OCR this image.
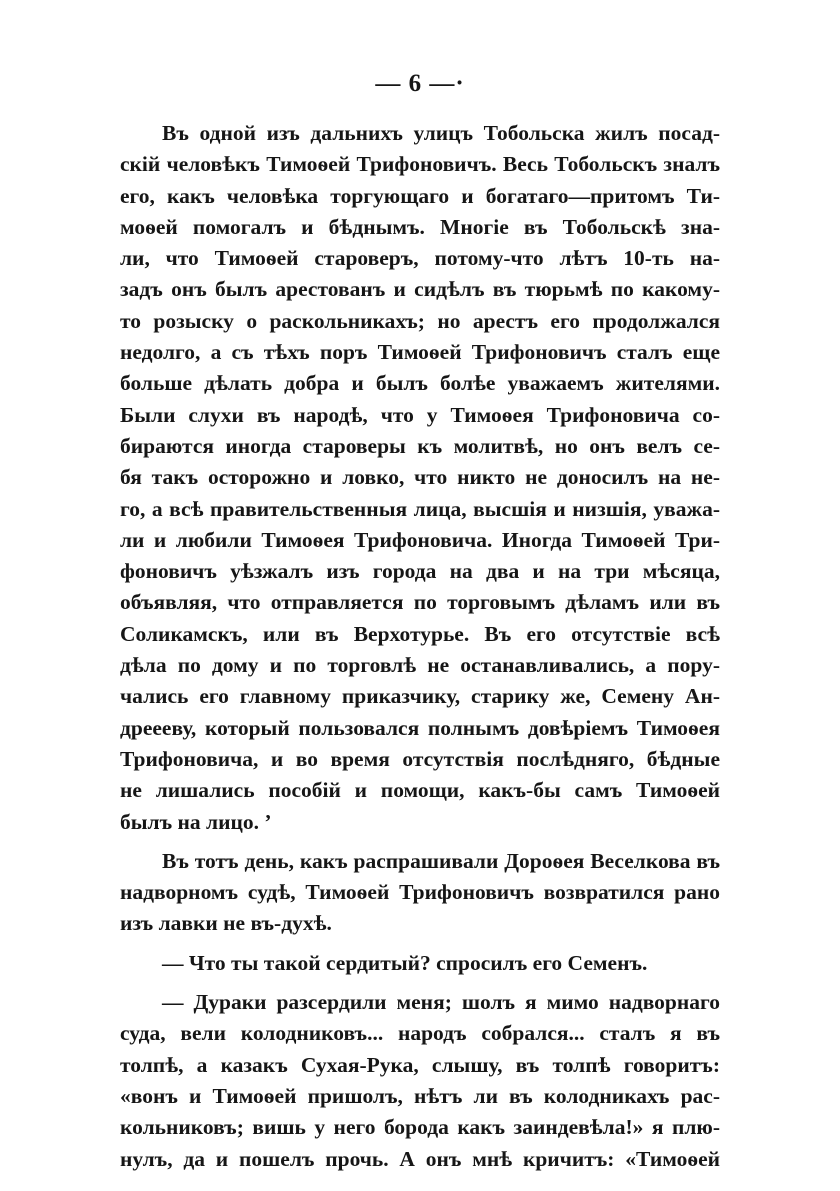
— 6 —·
Въ одной изъ дальнихъ улицъ Тобольска жилъ посад-
скій человѣкъ Тимоѳей Трифоновичъ. Весь Тобольскъ зналъ
его, какъ человѣка торгующаго и богатаго—притомъ Ти-
моѳей помогалъ и бѣднымъ. Многіе въ Тобольскѣ зна-
ли, что Тимоѳей староверъ, потому-что лѣтъ 10-ть на-
задъ онъ былъ арестованъ и сидѣлъ въ тюрьмѣ по какому-
то розыску о раскольникахъ; но арестъ его продолжался
недолго, а съ тѣхъ поръ Тимоѳей Трифоновичъ сталъ еще
больше дѣлать добра и былъ болѣе уважаемъ жителями.
Были слухи въ народѣ, что у Тимоѳея Трифоновича со-
бираются иногда староверы къ молитвѣ, но онъ велъ се-
бя такъ осторожно и ловко, что никто не доносилъ на не-
го, а всѣ правительственныя лица, высшія и низшія, уважа-
ли и любили Тимоѳея Трифоновича. Иногда Тимоѳей Три-
фоновичъ уѣзжалъ изъ города на два и на три мѣсяца,
объявляя, что отправляется по торговымъ дѣламъ или въ
Соликамскъ, или въ Верхотурье. Въ его отсутствіе всѣ
дѣла по дому и по торговлѣ не останавливались, а пору-
чались его главному приказчику, старику же, Семену Ан-
дреееву, который пользовался полнымъ довѣріемъ Тимоѳея
Трифоновича, и во время отсутствія послѣдняго, бѣдные
не лишались пособій и помощи, какъ-бы самъ Тимоѳей
былъ на лицо. ʼ
Въ тотъ день, какъ распрашивали Дороѳея Веселкова въ
надворномъ судѣ, Тимоѳей Трифоновичъ возвратился рано
изъ лавки не въ-духѣ.
— Что ты такой сердитый? спросилъ его Семенъ.
— Дураки разсердили меня; шолъ я мимо надворнаго
суда, вели колодниковъ... народъ собрался... сталъ я въ
толпѣ, а казакъ Сухая-Рука, слышу, въ толпѣ говоритъ:
«вонъ и Тимоѳей пришолъ, нѣтъ ли въ колодникахъ рас-
кольниковъ; вишь у него борода какъ заиндевѣла!» я плю-
нулъ, да и пошелъ прочь. А онъ мнѣ кричитъ: «Тимоѳей
